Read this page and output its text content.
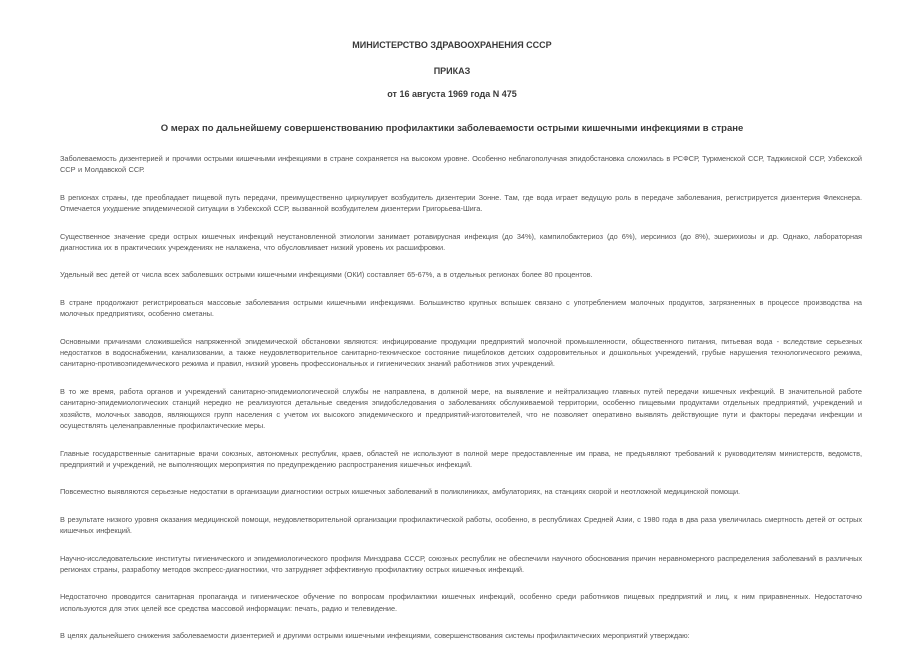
МИНИСТЕРСТВО ЗДРАВООХРАНЕНИЯ СССР
ПРИКАЗ
от 16 августа 1969 года N 475
О мерах по дальнейшему совершенствованию профилактики заболеваемости острыми кишечными инфекциями в стране

Заболеваемость дизентерией и прочими острыми кишечными инфекциями в стране сохраняется на высоком уровне. Особенно неблагополучная эпидобстановка сложилась в РСФСР, Туркменской ССР, Таджикской ССР, Узбекской ССР и Молдавской ССР.

В регионах страны, где преобладает пищевой путь передачи, преимущественно циркулирует возбудитель дизентерии Зонне. Там, где вода играет ведущую роль в передаче заболевания, регистрируется дизентерия Флекснера. Отмечается ухудшение эпидемической ситуации в Узбекской ССР, вызванной возбудителем дизентерии Григорьева-Шига.

Существенное значение среди острых кишечных инфекций неустановленной этиологии занимает ротавирусная инфекция (до 34%), кампилобактериоз (до 6%), иерсиниоз (до 8%), эшерихиозы и др. Однако, лабораторная диагностика их в практических учреждениях не налажена, что обусловливает низкий уровень их расшифровки.

Удельный вес детей от числа всех заболевших острыми кишечными инфекциями (ОКИ) составляет 65-67%, а в отдельных регионах более 80 процентов.

В стране продолжают регистрироваться массовые заболевания острыми кишечными инфекциями. Большинство крупных вспышек связано с употреблением молочных продуктов, загрязненных в процессе производства на молочных предприятиях, особенно сметаны.

Основными причинами сложившейся напряженной эпидемической обстановки являются: инфицирование продукции предприятий молочной промышленности, общественного питания, питьевая вода - вследствие серьезных недостатков в водоснабжении, канализовании, а также неудовлетворительное санитарно-техническое состояние пищеблоков детских оздоровительных и дошкольных учреждений, грубые нарушения технологического режима, санитарно-противоэпидемического режима и правил, низкий уровень профессиональных и гигиенических знаний работников этих учреждений.

В то же время, работа органов и учреждений санитарно-эпидемиологической службы не направлена, в должной мере, на выявление и нейтрализацию главных путей передачи кишечных инфекций. В значительной работе санитарно-эпидемиологических станций нередко не реализуются детальные сведения эпидобследования о заболеваниях обслуживаемой территории, особенно пищевыми продуктами отдельных предприятий, учреждений и хозяйств, молочных заводов, являющихся групп населения с учетом их высокого эпидемического и предприятий-изготовителей, что не позволяет оперативно выявлять действующие пути и факторы передачи инфекции и осуществлять целенаправленные профилактические меры.

Главные государственные санитарные врачи союзных, автономных республик, краев, областей не используют в полной мере предоставленные им права, не предъявляют требований к руководителям министерств, ведомств, предприятий и учреждений, не выполняющих мероприятия по предупреждению распространения кишечных инфекций.

Повсеместно выявляются серьезные недостатки в организации диагностики острых кишечных заболеваний в поликлиниках, амбулаториях, на станциях скорой и неотложной медицинской помощи.

В результате низкого уровня оказания медицинской помощи, неудовлетворительной организации профилактической работы, особенно, в республиках Средней Азии, с 1980 года в два раза увеличилась смертность детей от острых кишечных инфекций.

Научно-исследовательские институты гигиенического и эпидемиологического профиля Минздрава СССР, союзных республик не обеспечили научного обоснования причин неравномерного распределения заболеваний в различных регионах страны, разработку методов экспресс-диагностики, что затрудняет эффективную профилактику острых кишечных инфекций.

Недостаточно проводится санитарная пропаганда и гигиеническое обучение по вопросам профилактики кишечных инфекций, особенно среди работников пищевых предприятий и лиц, к ним приравненных. Недостаточно используются для этих целей все средства массовой информации: печать, радио и телевидение.

В целях дальнейшего снижения заболеваемости дизентерией и другими острыми кишечными инфекциями, совершенствования системы профилактических мероприятий утверждаю:
